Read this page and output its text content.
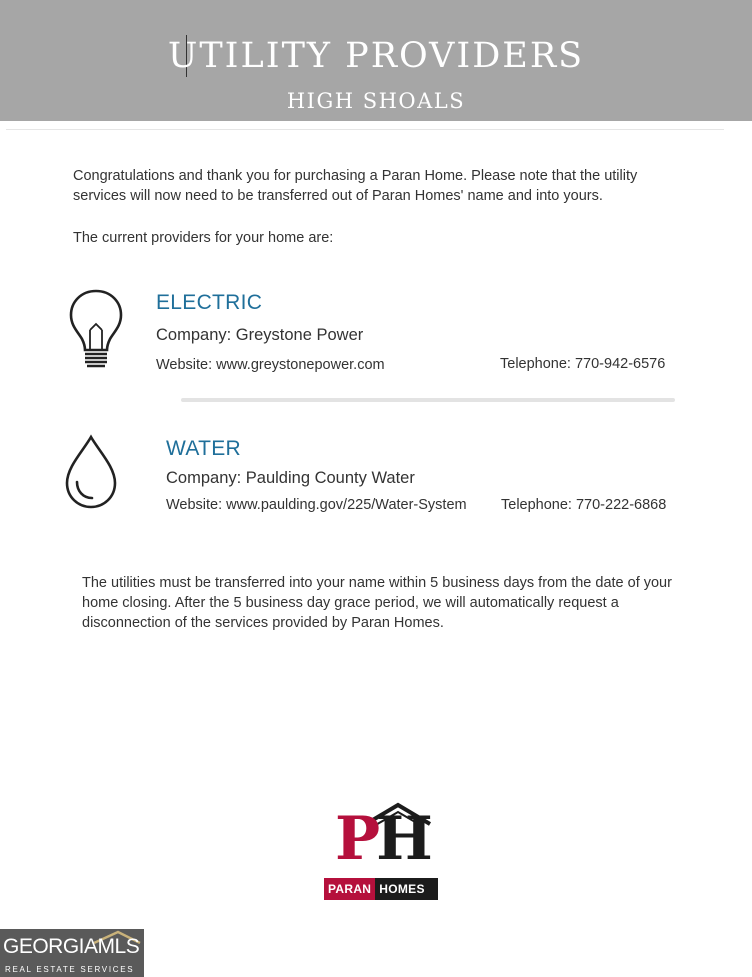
UTILITY PROVIDERS
HIGH SHOALS

Congratulations and thank you for purchasing a Paran Home. Please note that the utility services will now need to be transferred out of Paran Homes' name and into yours.

The current providers for your home are:

ELECTRIC
Company: Greystone Power
Website: www.greystonepower.com	Telephone: 770-942-6576
WATER
Company: Paulding County Water
Website: www.paulding.gov/225/Water-System Telephone: 770-222-6868

The utilities must be transferred into your name within 5 business days from the date of your home closing. After the 5 business day grace period, we will automatically request a disconnection of the services provided by Paran Homes.

PH
PARAN HOMES
GEORGIAMLS
REAL ESTATE SERVICES
